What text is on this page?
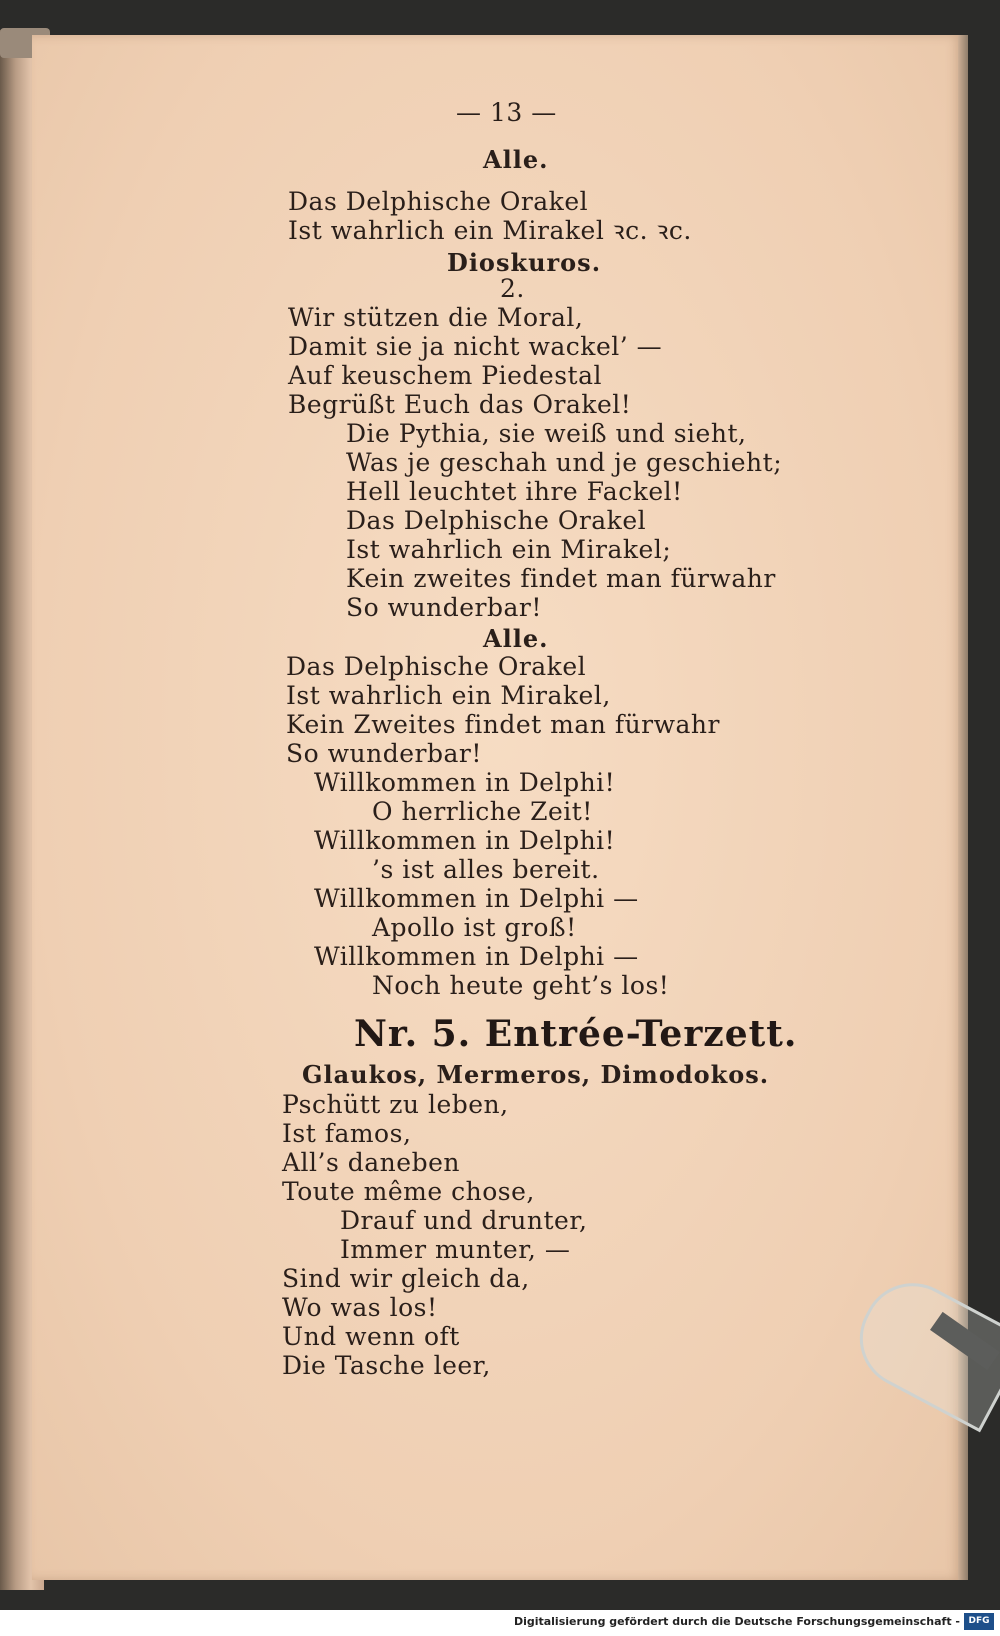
— 13 —
Alle.
Das Delphische Orakel
Ist wahrlich ein Mirakel ꝛc. ꝛc.
Dioskuros.
2.
Wir stützen die Moral,
Damit sie ja nicht wackel’ —
Auf keuschem Piedestal
Begrüßt Euch das Orakel!
Die Pythia, sie weiß und sieht,
Was je geschah und je geschieht;
Hell leuchtet ihre Fackel!
Das Delphische Orakel
Ist wahrlich ein Mirakel;
Kein zweites findet man fürwahr
So wunderbar!
Alle.
Das Delphische Orakel
Ist wahrlich ein Mirakel,
Kein Zweites findet man fürwahr
So wunderbar!
Willkommen in Delphi!
O herrliche Zeit!
Willkommen in Delphi!
’s ist alles bereit.
Willkommen in Delphi —
Apollo ist groß!
Willkommen in Delphi —
Noch heute geht’s los!
Nr. 5. Entrée-Terzett.
Glaukos, Mermeros, Dimodokos.
Pschütt zu leben,
Ist famos,
All’s daneben
Toute même chose,
Drauf und drunter,
Immer munter, —
Sind wir gleich da,
Wo was los!
Und wenn oft
Die Tasche leer,
Digitalisierung gefördert durch die Deutsche Forschungsgemeinschaft - DFG
